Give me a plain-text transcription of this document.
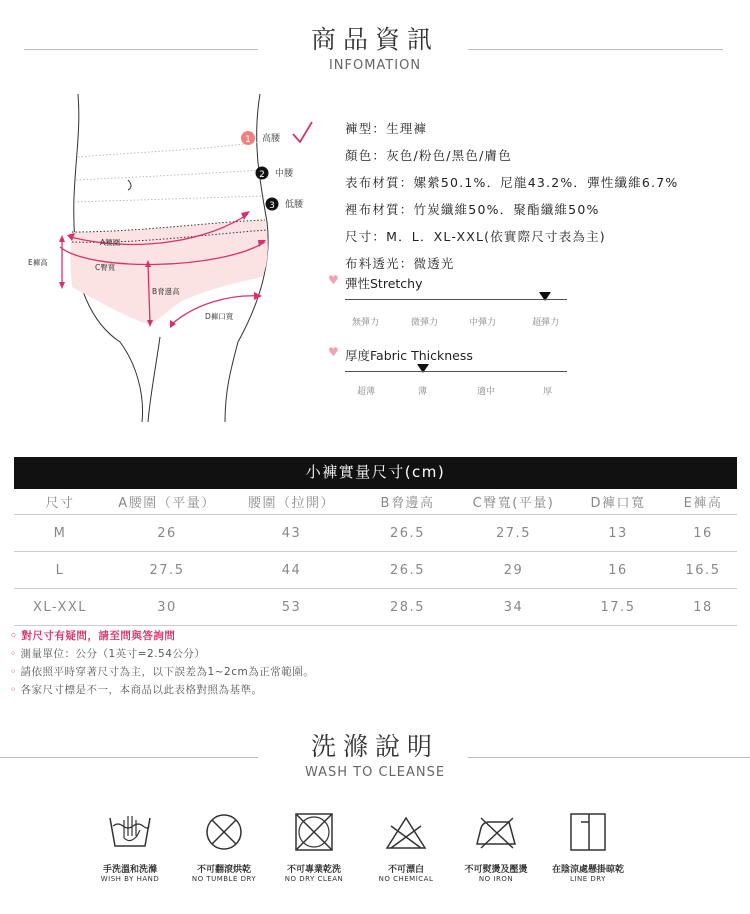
商品資訊
INFOMATION
A腰圍
C臀寬
E褲高
B脅邊高
D褲口寬
1 高腰
2 中腰
3 低腰
褲型：生理褲
顏色：灰色/粉色/黑色/膚色
表布材質：嫘縈50.1%．尼龍43.2%．彈性纖維6.7%
裡布材質：竹炭纖維50%．聚酯纖維50%
尺寸：M．L．XL-XXL(依實際尺寸表為主)
布料透光：微透光
♥ 彈性Stretchy
無彈力	微彈力	中彈力	超彈力
♥ 厚度Fabric Thickness
超薄	薄	適中	厚
小褲實量尺寸(cm)
尺寸	A腰圍（平量）	腰圍（拉開）	B脅邊高	C臀寬(平量)	D褲口寬	E褲高
M	26	43	26.5	27.5	13	16
L	27.5	44	26.5	29	16	16.5
XL-XXL	30	53	28.5	34	17.5	18
◦ 對尺寸有疑問，請至問與答詢問
◦ 測量單位：公分（1英寸=2.54公分）
◦ 請依照平時穿著尺寸為主，以下誤差為1~2cm為正常範圍。
◦ 各家尺寸標是不一，本商品以此表格對照為基準。
洗滌說明
WASH TO CLEANSE
手洗溫和洗滌
WISH BY HAND
不可翻滾烘乾
NO TUMBLE DRY
不可專業乾洗
NO DRY CLEAN
不可漂白
NO CHEMICAL
不可熨燙及壓燙
NO IRON
在陰涼處懸掛晾乾
LINE DRY
